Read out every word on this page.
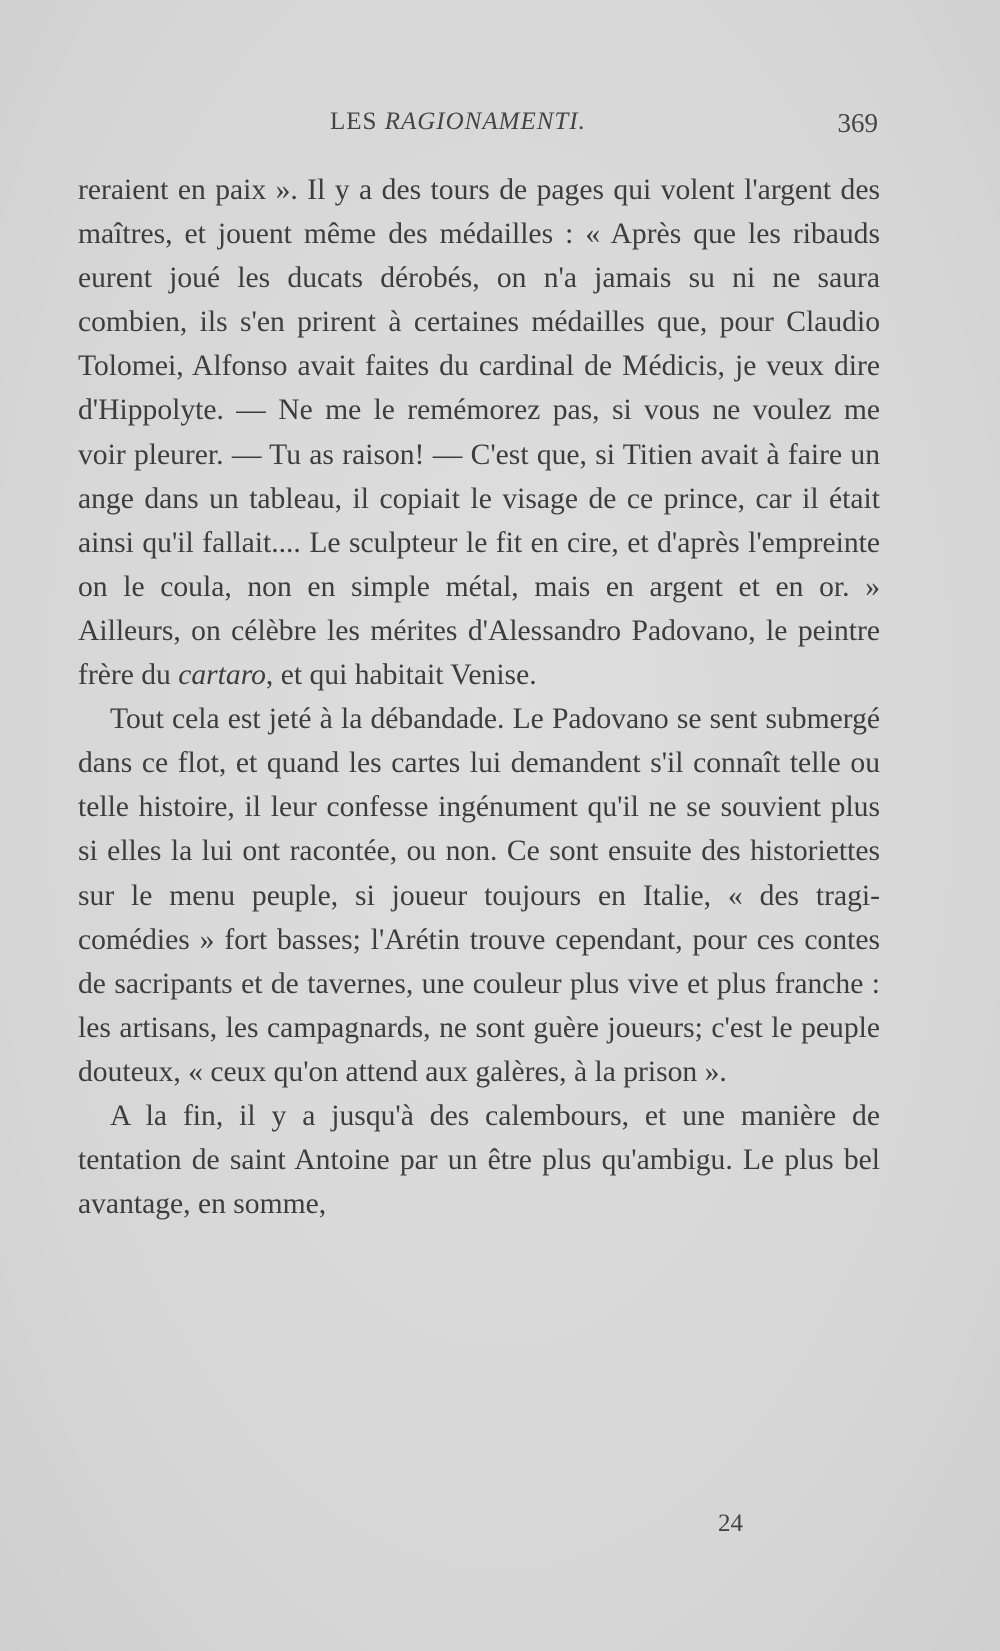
LES RAGIONAMENTI.	369

reraient en paix ». Il y a des tours de pages qui volent l'argent des maîtres, et jouent même des médailles : « Après que les ribauds eurent joué les ducats dérobés, on n'a jamais su ni ne saura combien, ils s'en prirent à certaines médailles que, pour Claudio Tolomei, Alfonso avait faites du cardinal de Médicis, je veux dire d'Hippolyte. — Ne me le remémorez pas, si vous ne voulez me voir pleurer. — Tu as raison! — C'est que, si Titien avait à faire un ange dans un tableau, il copiait le visage de ce prince, car il était ainsi qu'il fallait.... Le sculpteur le fit en cire, et d'après l'empreinte on le coula, non en simple métal, mais en argent et en or. » Ailleurs, on célèbre les mérites d'Alessandro Padovano, le peintre frère du cartaro, et qui habitait Venise.

Tout cela est jeté à la débandade. Le Padovano se sent submergé dans ce flot, et quand les cartes lui demandent s'il connaît telle ou telle histoire, il leur confesse ingénument qu'il ne se souvient plus si elles la lui ont racontée, ou non. Ce sont ensuite des historiettes sur le menu peuple, si joueur toujours en Italie, « des tragi-comédies » fort basses; l'Arétin trouve cependant, pour ces contes de sacripants et de tavernes, une couleur plus vive et plus franche : les artisans, les campagnards, ne sont guère joueurs; c'est le peuple douteux, « ceux qu'on attend aux galères, à la prison ».

A la fin, il y a jusqu'à des calembours, et une manière de tentation de saint Antoine par un être plus qu'ambigu. Le plus bel avantage, en somme,

24
